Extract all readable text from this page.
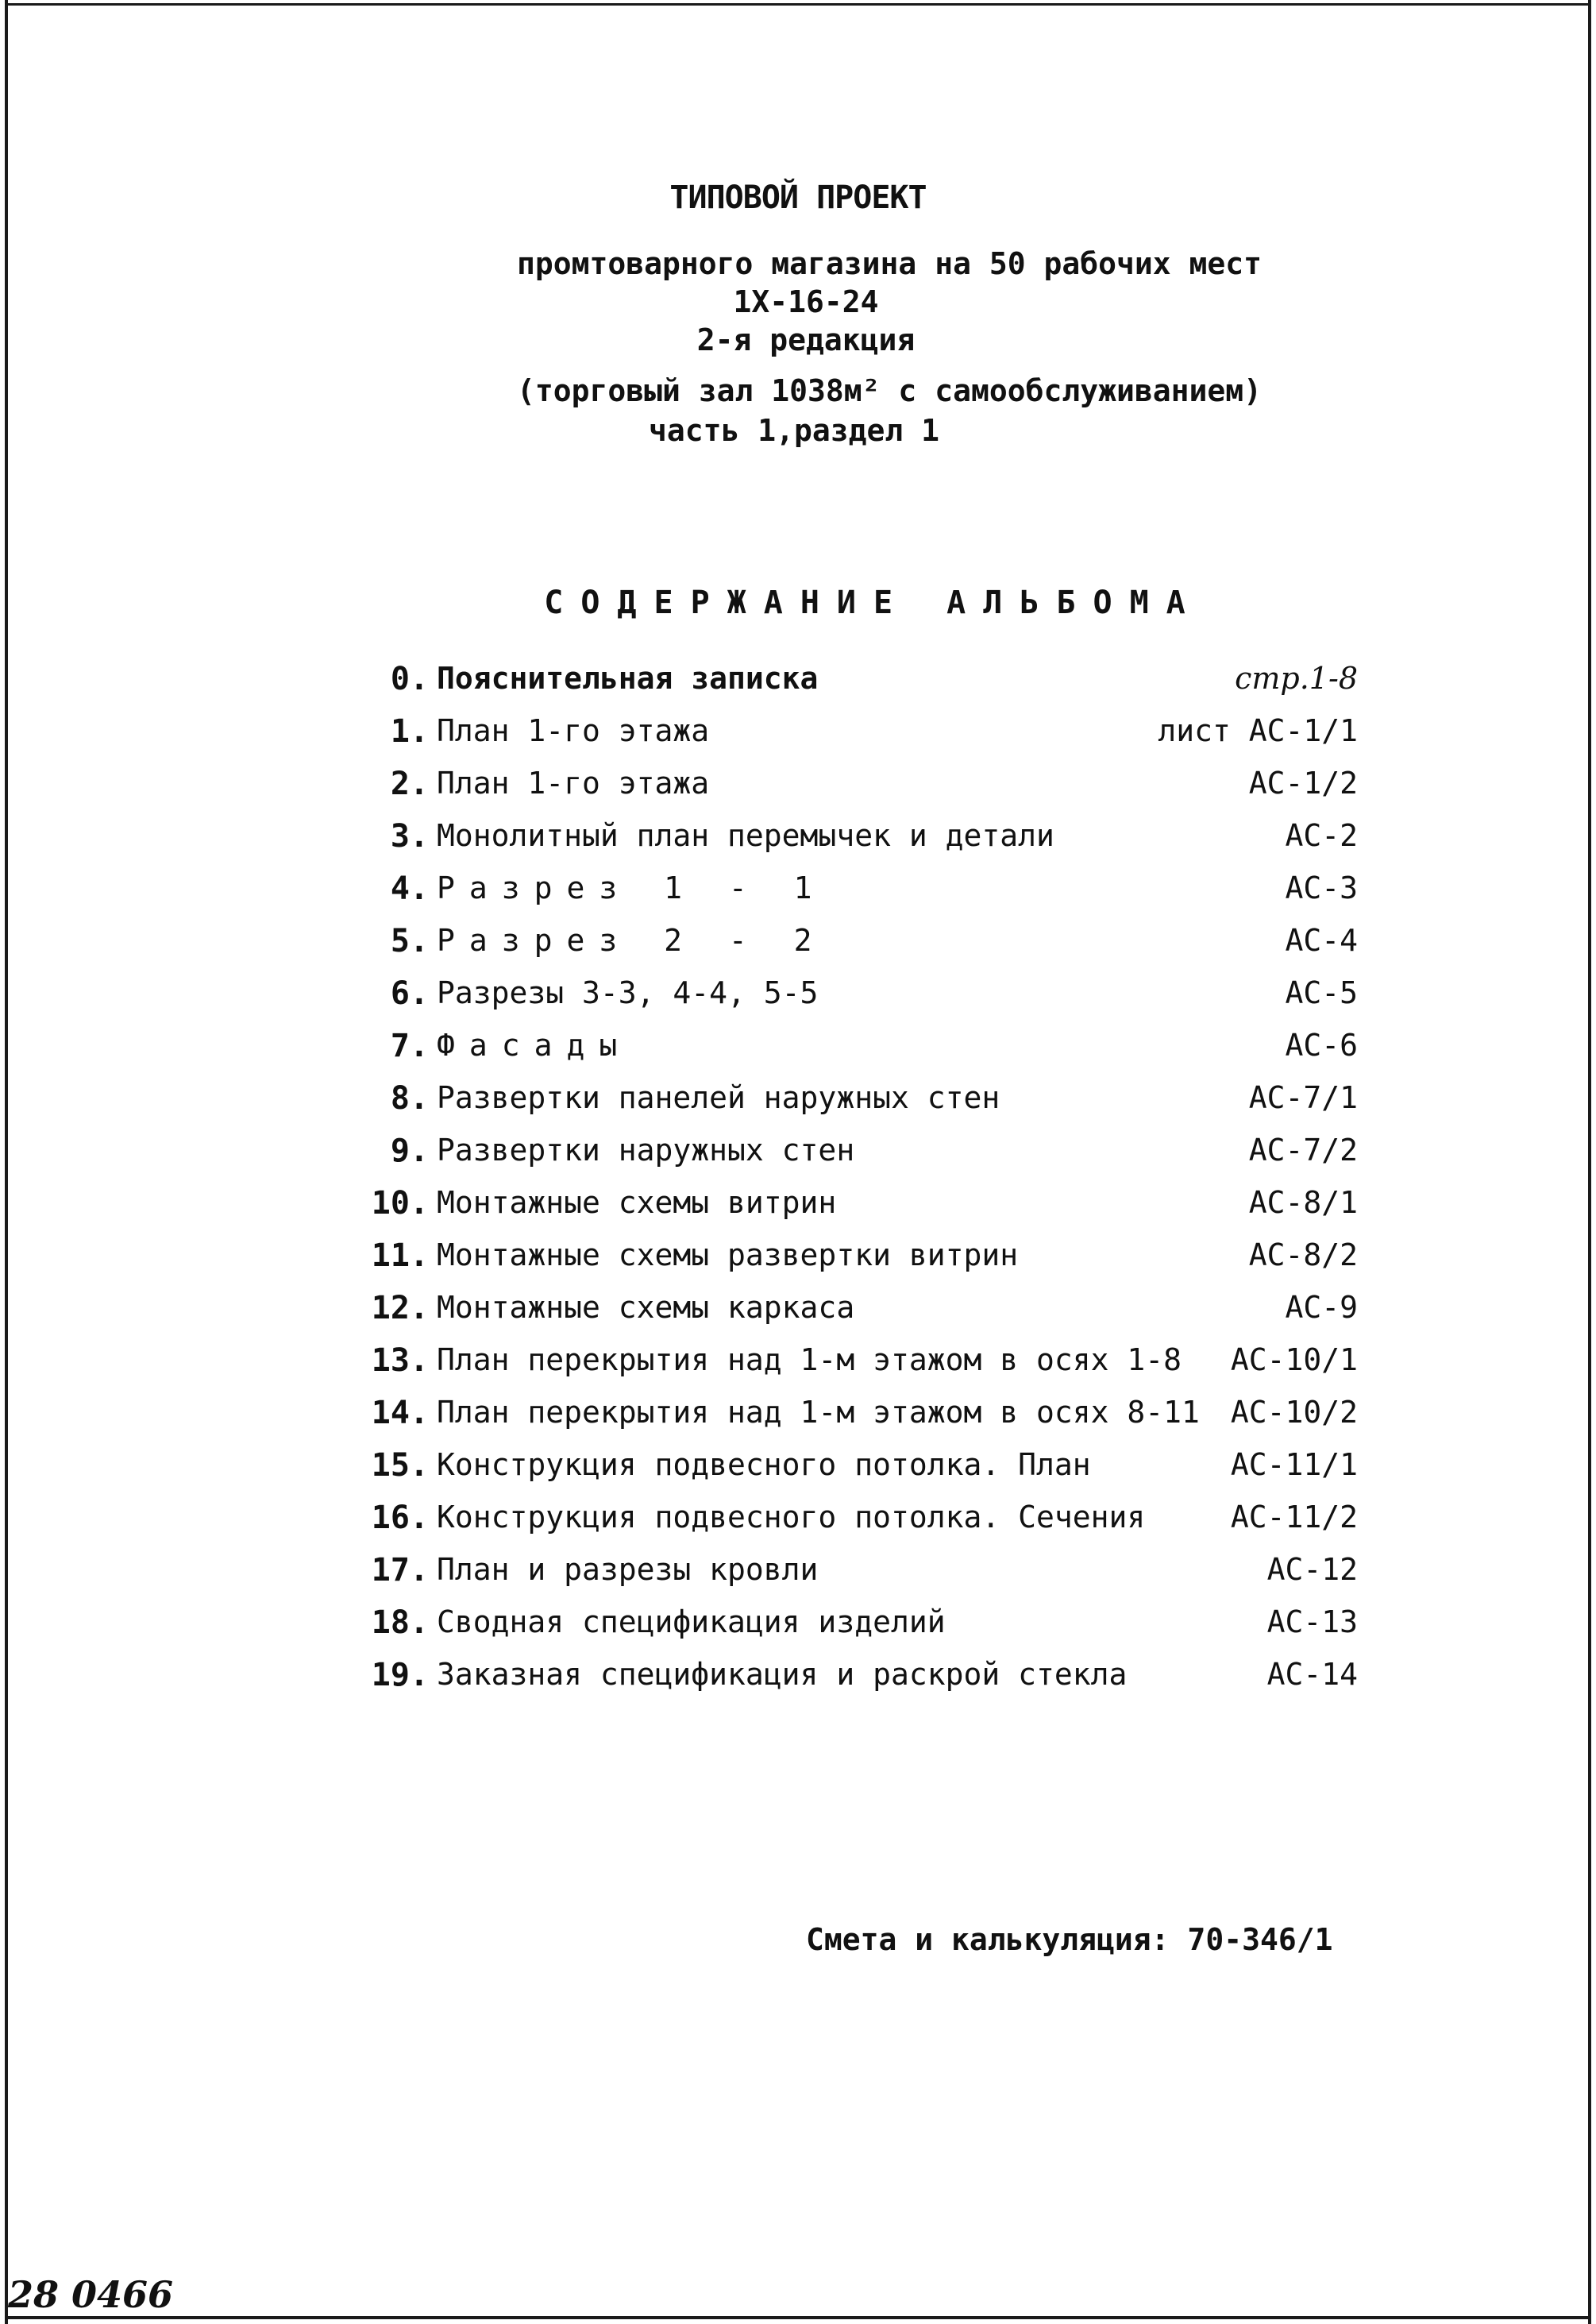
ТИПОВОЙ ПРОЕКТ
промтоварного магазина на 50 рабочих мест
1Х-16-24
2-я редакция
(торговый зал 1038м² с самообслуживанием)
часть 1,раздел 1
СОДЕРЖАНИЕ АЛЬБОМА
0. Пояснительная записка	стр.1-8
1. План 1-го этажа	лист АС-1/1
2. План 1-го этажа	АС-1/2
3. Монолитный план перемычек и детали	АС-2
4. Разрез 1 - 1	АС-3
5. Разрез 2 - 2	АС-4
6. Разрезы 3-3, 4-4, 5-5	АС-5
7. Фасады	АС-6
8. Развертки панелей наружных стен	АС-7/1
9. Развертки наружных стен	АС-7/2
10. Монтажные схемы витрин	АС-8/1
11. Монтажные схемы развертки витрин	АС-8/2
12. Монтажные схемы каркаса	АС-9
13. План перекрытия над 1-м этажом в осях 1-8	АС-10/1
14. План перекрытия над 1-м этажом в осях 8-11	АС-10/2
15. Конструкция подвесного потолка. План	АС-11/1
16. Конструкция подвесного потолка. Сечения	АС-11/2
17. План и разрезы кровли	АС-12
18. Сводная спецификация изделий	АС-13
19. Заказная спецификация и раскрой стекла	АС-14
Смета и калькуляция: 70-346/1
28 0466
